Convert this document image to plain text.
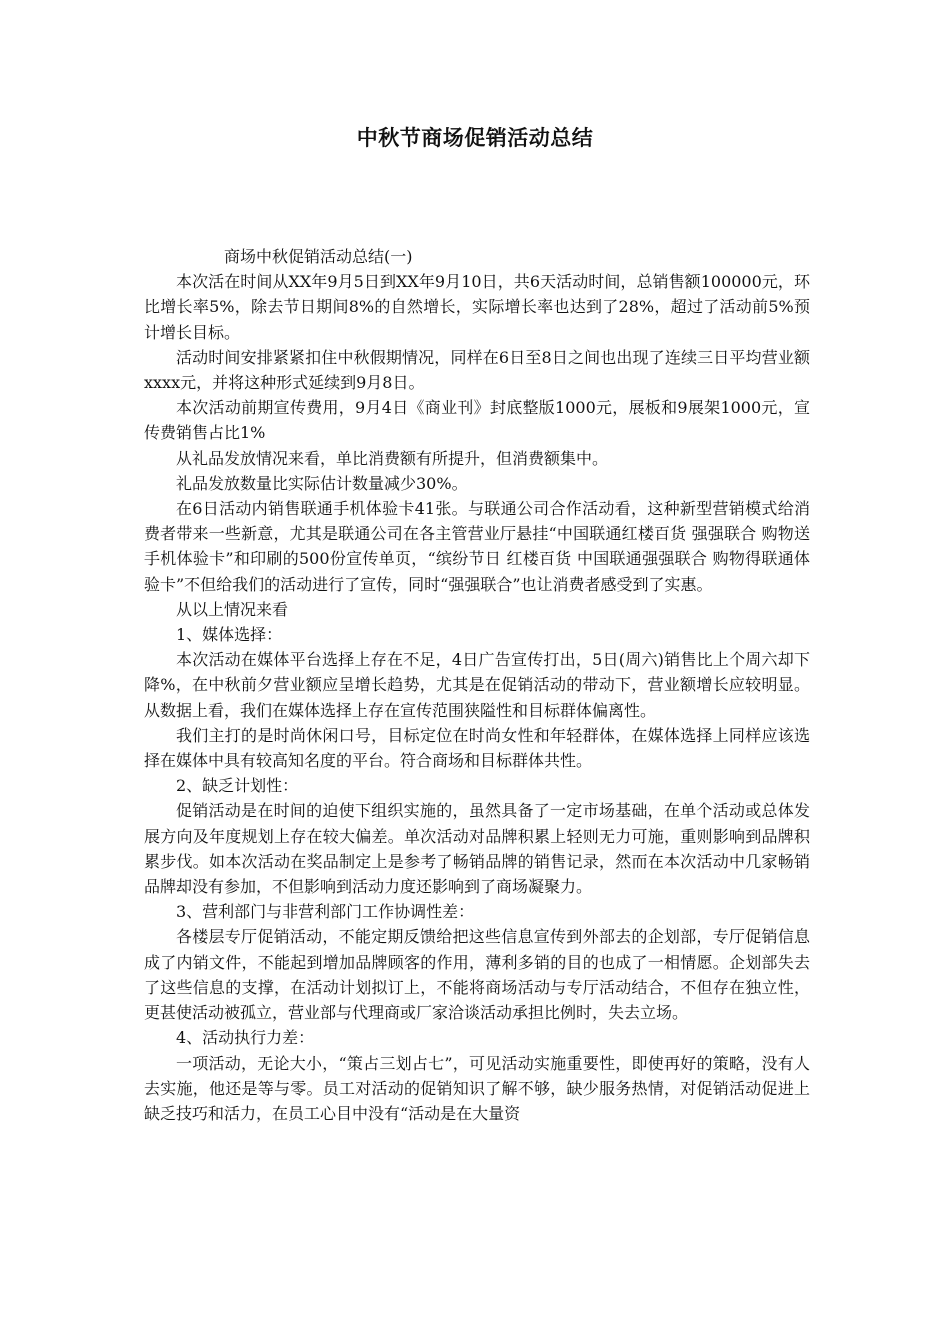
中秋节商场促销活动总结

商场中秋促销活动总结(一)

本次活在时间从XX年9月5日到XX年9月10日，共6天活动时间，总销售额100000元，环比增长率5%，除去节日期间8%的自然增长，实际增长率也达到了28%，超过了活动前5%预计增长目标。

活动时间安排紧紧扣住中秋假期情况，同样在6日至8日之间也出现了连续三日平均营业额xxxx元，并将这种形式延续到9月8日。

本次活动前期宣传费用，9月4日《商业刊》封底整版1000元，展板和9展架1000元，宣传费销售占比1%

从礼品发放情况来看，单比消费额有所提升，但消费额集中。

礼品发放数量比实际估计数量减少30%。

在6日活动内销售联通手机体验卡41张。与联通公司合作活动看，这种新型营销模式给消费者带来一些新意，尤其是联通公司在各主管营业厅悬挂“中国联通红楼百货 强强联合 购物送手机体验卡”和印刷的500份宣传单页，“缤纷节日 红楼百货 中国联通强强联合 购物得联通体验卡”不但给我们的活动进行了宣传，同时“强强联合”也让消费者感受到了实惠。

从以上情况来看

1、媒体选择：

本次活动在媒体平台选择上存在不足，4日广告宣传打出，5日(周六)销售比上个周六却下降%，在中秋前夕营业额应呈增长趋势，尤其是在促销活动的带动下，营业额增长应较明显。从数据上看，我们在媒体选择上存在宣传范围狭隘性和目标群体偏离性。

我们主打的是时尚休闲口号，目标定位在时尚女性和年轻群体，在媒体选择上同样应该选择在媒体中具有较高知名度的平台。符合商场和目标群体共性。

2、缺乏计划性：

促销活动是在时间的迫使下组织实施的，虽然具备了一定市场基础，在单个活动或总体发展方向及年度规划上存在较大偏差。单次活动对品牌积累上轻则无力可施，重则影响到品牌积累步伐。如本次活动在奖品制定上是参考了畅销品牌的销售记录，然而在本次活动中几家畅销品牌却没有参加，不但影响到活动力度还影响到了商场凝聚力。

3、营利部门与非营利部门工作协调性差：

各楼层专厅促销活动，不能定期反馈给把这些信息宣传到外部去的企划部，专厅促销信息成了内销文件，不能起到增加品牌顾客的作用，薄利多销的目的也成了一相情愿。企划部失去了这些信息的支撑，在活动计划拟订上，不能将商场活动与专厅活动结合，不但存在独立性，更甚使活动被孤立，营业部与代理商或厂家洽谈活动承担比例时，失去立场。

4、活动执行力差：

一项活动，无论大小，“策占三划占七”，可见活动实施重要性，即使再好的策略，没有人去实施，他还是等与零。员工对活动的促销知识了解不够，缺少服务热情，对促销活动促进上缺乏技巧和活力，在员工心目中没有“活动是在大量资
